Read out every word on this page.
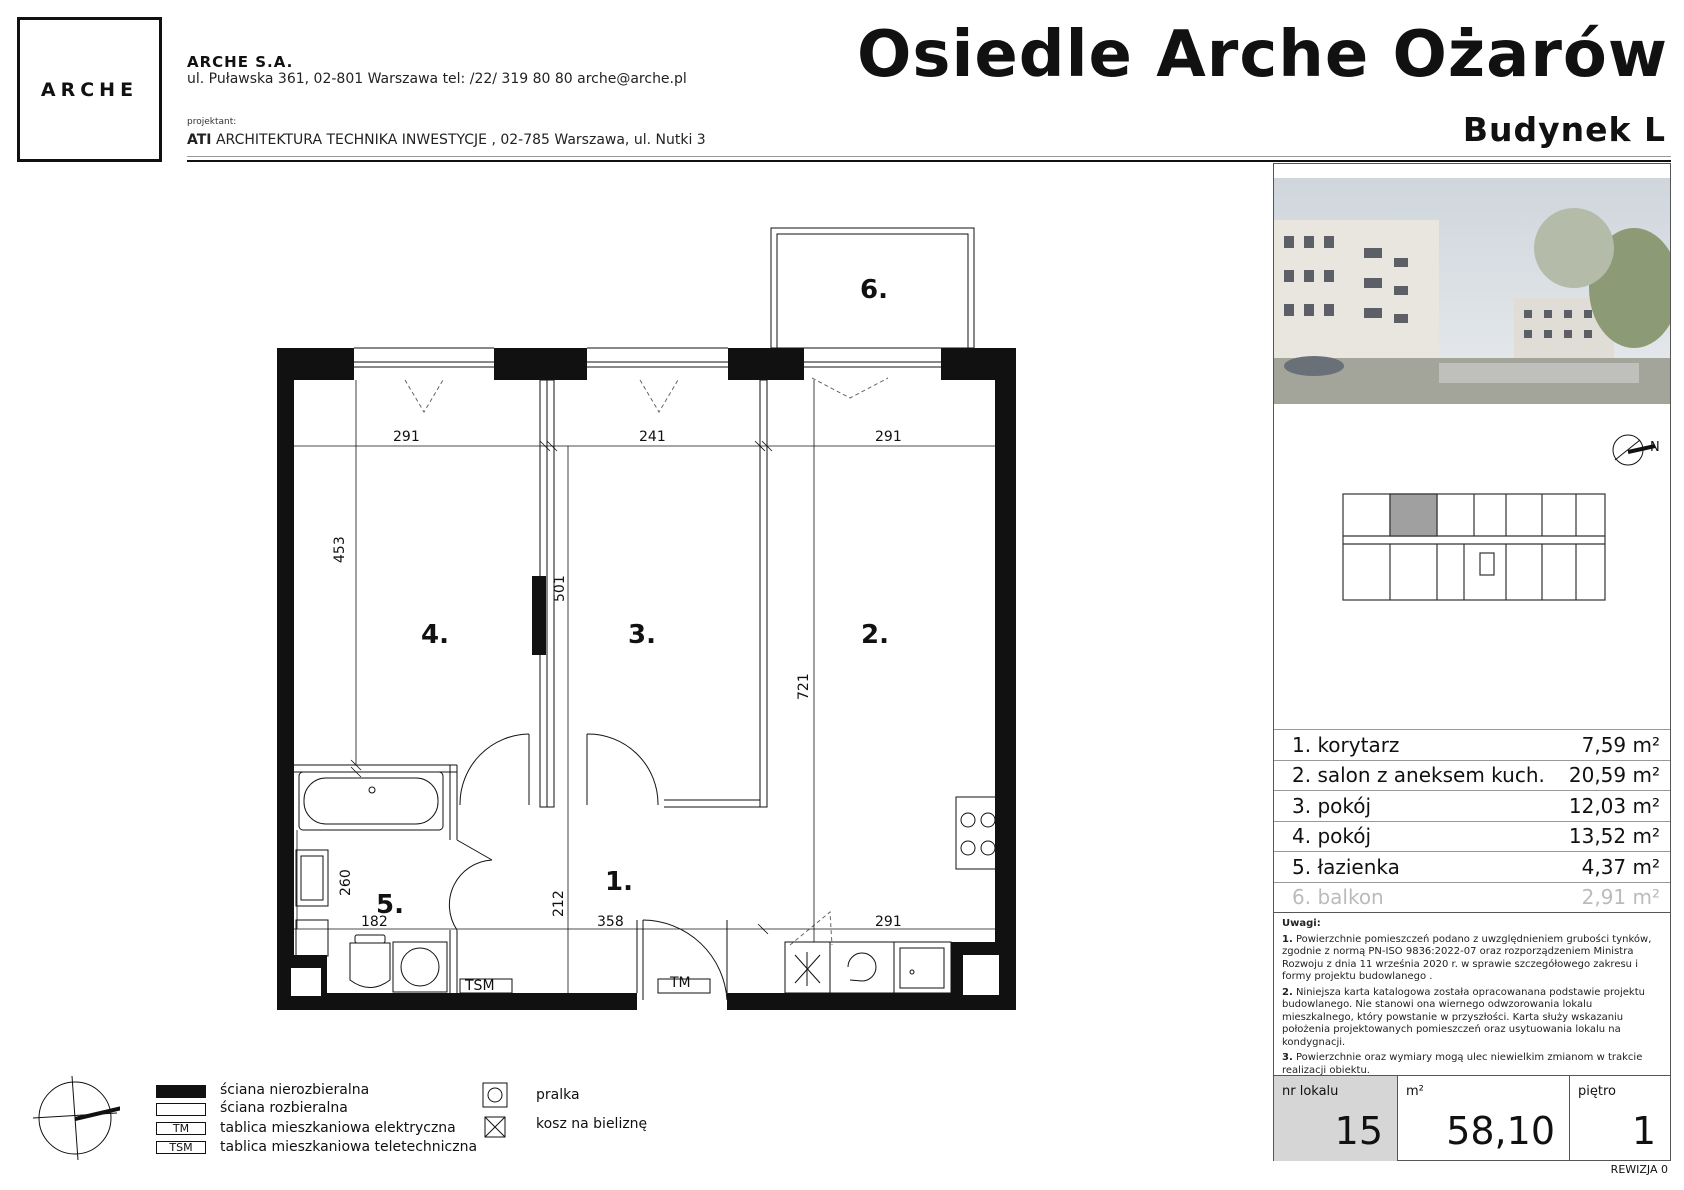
ARCHE
ARCHE S.A.
ul. Puławska 361, 02-801 Warszawa tel: /22/ 319 80 80 arche@arche.pl
projektant:
ATI ARCHITEKTURA TECHNIKA INWESTYCJE , 02-785 Warszawa, ul. Nutki 3
Osiedle Arche Ożarów
Budynek L
6.
4.	3.	2.
1.
5.
291	241	291
453
501
721
260
182
212
358	291
TM
TSM
N
1. korytarz	7,59 m²
2. salon z aneksem kuch. 20,59 m²
3. pokój	12,03 m²
4. pokój	13,52 m²
5. łazienka	4,37 m²
6. balkon	2,91 m²

Uwagi:

1. Powierzchnie pomieszczeń podano z uwzględnieniem grubości tynków, zgodnie z normą PN-ISO 9836:2022-07 oraz rozporządzeniem Ministra Rozwoju z dnia 11 września 2020 r. w sprawie szczegółowego zakresu i formy projektu budowlanego .

2. Niniejsza karta katalogowa została opracowanana podstawie projektu budowlanego. Nie stanowi ona wiernego odwzorowania lokalu mieszkalnego, który powstanie w przyszłości. Karta służy wskazaniu położenia projektowanych pomieszczeń oraz usytuowania lokalu na kondygnacji.

3. Powierzchnie oraz wymiary mogą ulec niewielkim zmianom w trakcie realizacji obiektu.

nr lokalu
15
m²
58,10
piętro
1
REWIZJA 0
ściana nierozbieralna
ściana rozbieralna
TM	tablica mieszkaniowa elektryczna
TSM	tablica mieszkaniowa teletechniczna
pralka
kosz na bieliznę
